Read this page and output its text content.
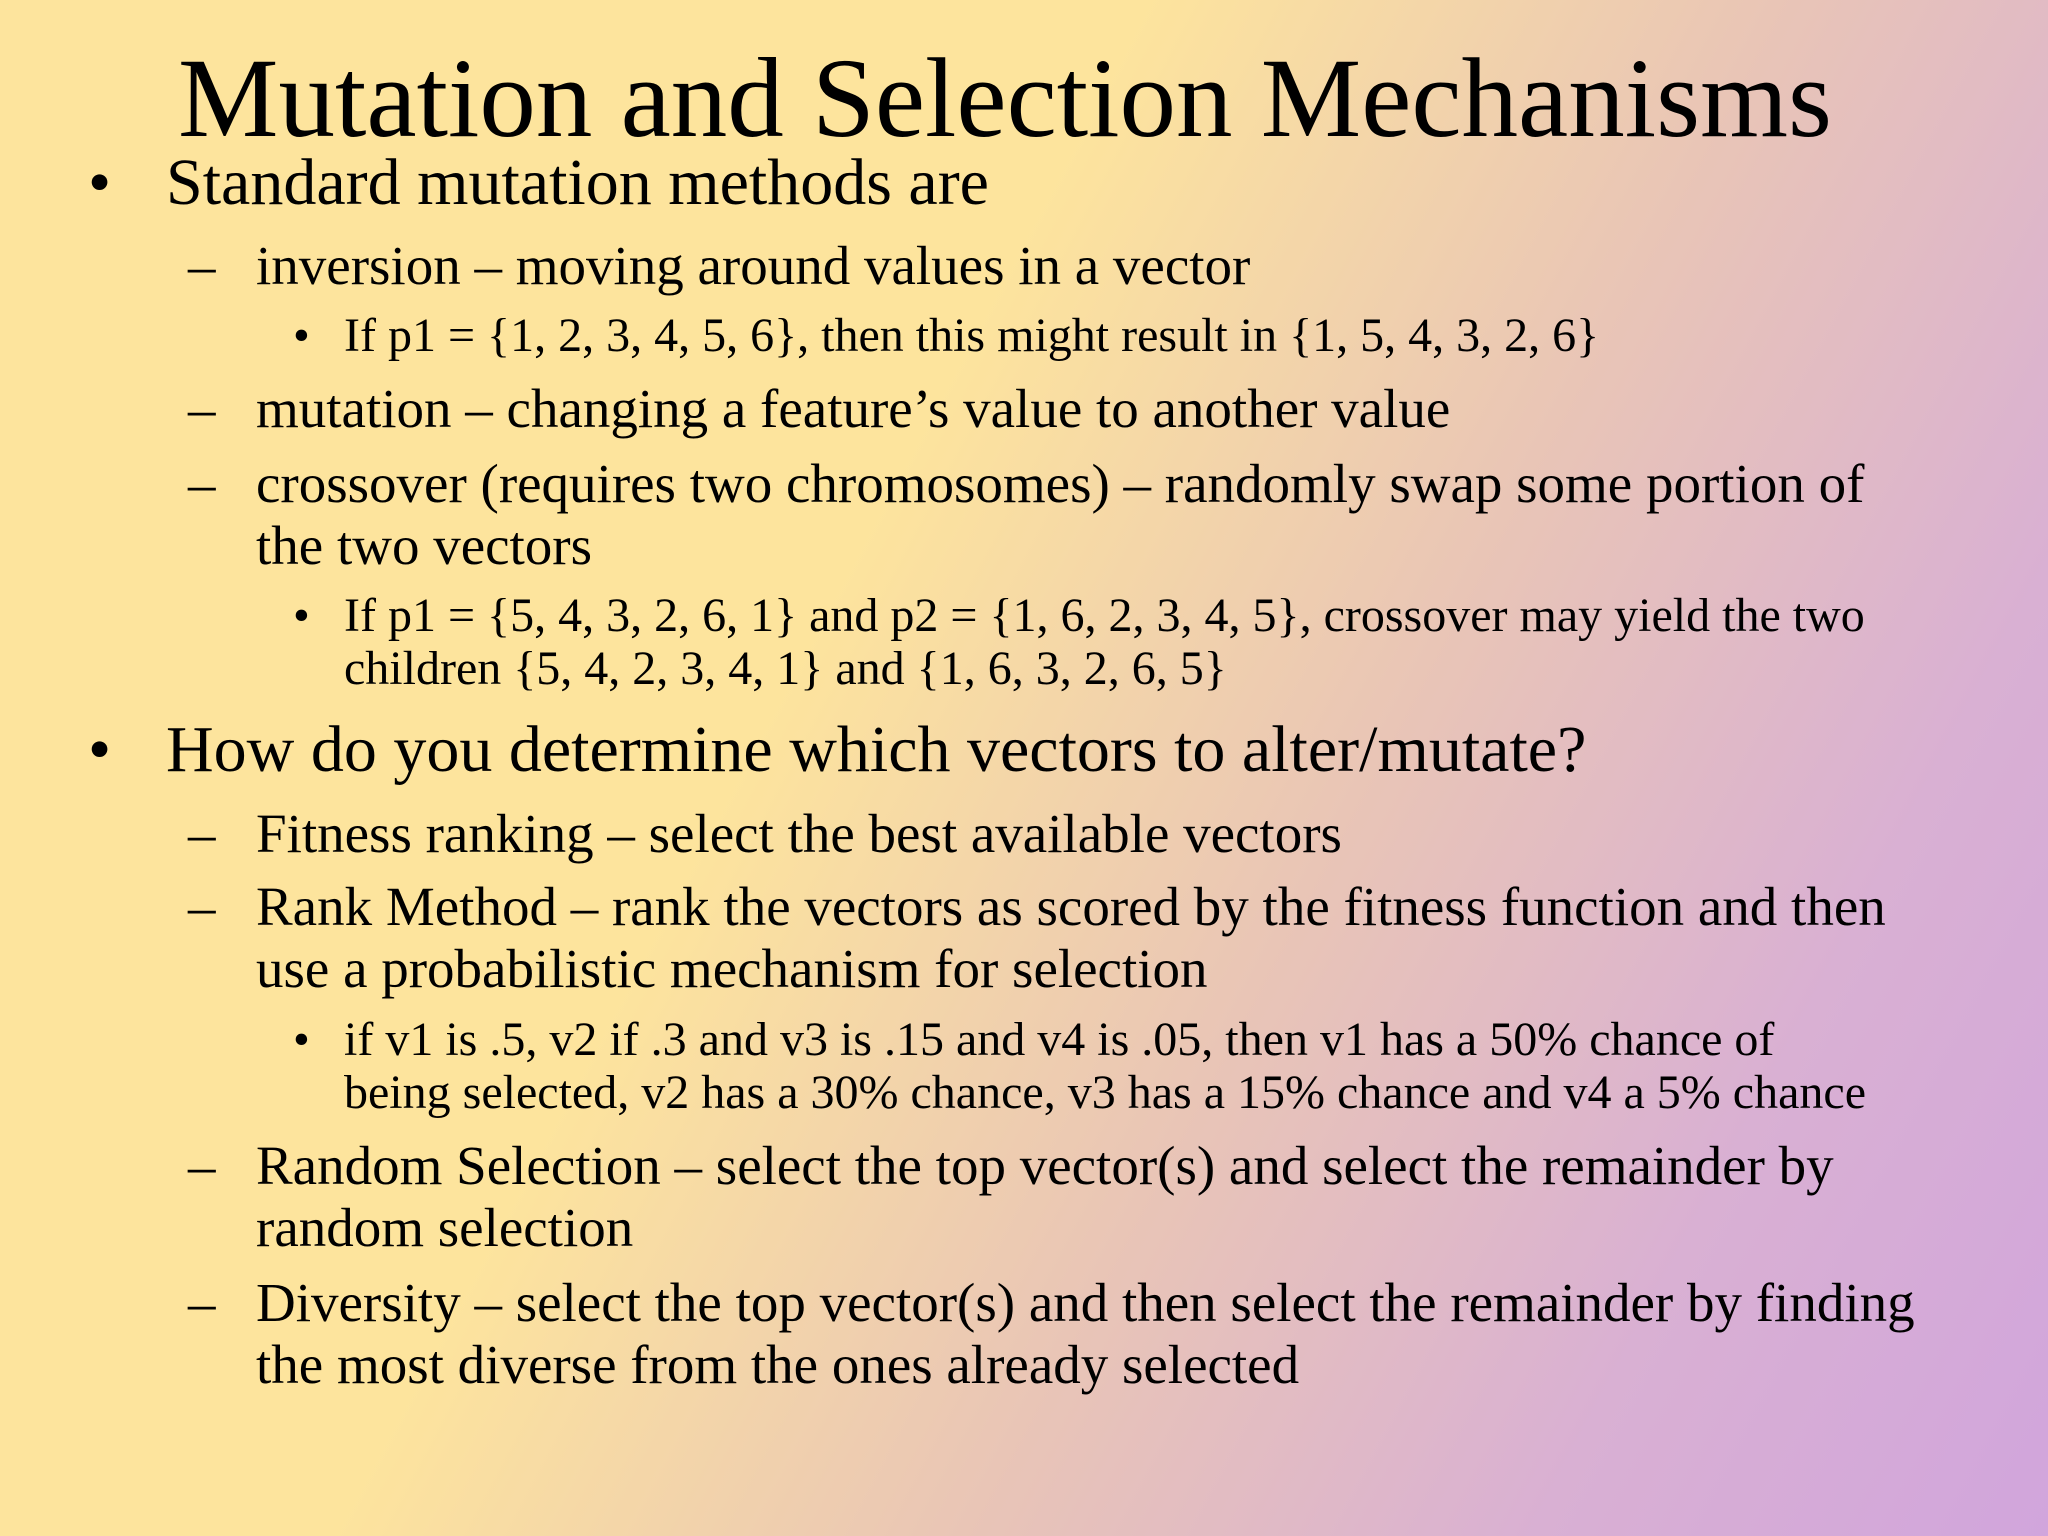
Mutation and Selection Mechanisms
• Standard mutation methods are
– inversion – moving around values in a vector
• If p1 = {1, 2, 3, 4, 5, 6}, then this might result in {1, 5, 4, 3, 2, 6}
– mutation – changing a feature’s value to another value
– crossover (requires two chromosomes) – randomly swap some portion of
the two vectors
• If p1 = {5, 4, 3, 2, 6, 1} and p2 = {1, 6, 2, 3, 4, 5}, crossover may yield the two
children {5, 4, 2, 3, 4, 1} and {1, 6, 3, 2, 6, 5}
• How do you determine which vectors to alter/mutate?
– Fitness ranking – select the best available vectors
– Rank Method – rank the vectors as scored by the fitness function and then
use a probabilistic mechanism for selection
• if v1 is .5, v2 if .3 and v3 is .15 and v4 is .05, then v1 has a 50% chance of
being selected, v2 has a 30% chance, v3 has a 15% chance and v4 a 5% chance
– Random Selection – select the top vector(s) and select the remainder by
random selection
– Diversity – select the top vector(s) and then select the remainder by finding
the most diverse from the ones already selected
